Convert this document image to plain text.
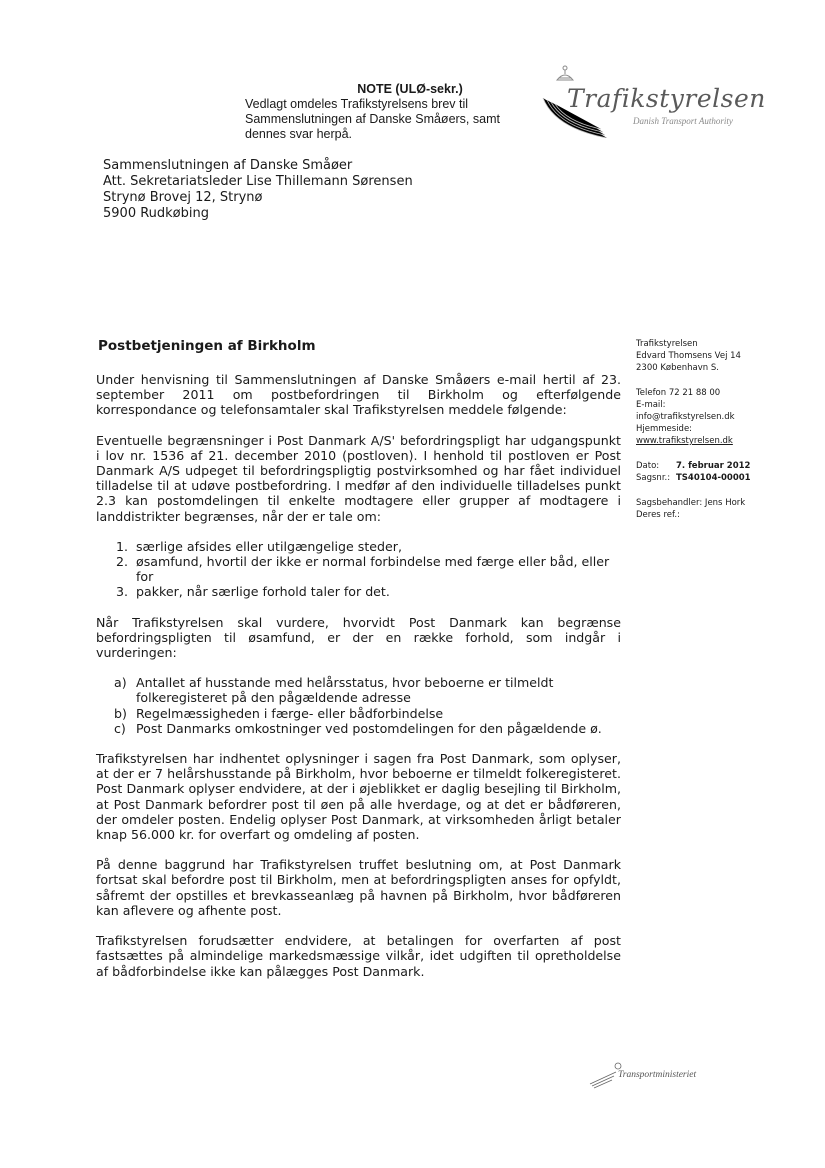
NOTE (ULØ-sekr.)
Vedlagt omdeles Trafikstyrelsens brev til
Sammenslutningen af Danske Småøers, samt
dennes svar herpå.
Trafikstyrelsen
Danish Transport Authority
Sammenslutningen af Danske Småøer
Att. Sekretariatsleder Lise Thillemann Sørensen
Strynø Brovej 12, Strynø
5900 Rudkøbing
Postbetjeningen af Birkholm

Under henvisning til Sammenslutningen af Danske Småøers e-mail hertil af 23. september 2011 om postbefordringen til Birkholm og efterfølgende korrespondance og telefonsamtaler skal Trafikstyrelsen meddele følgende:

Eventuelle begrænsninger i Post Danmark A/S' befordringspligt har udgangspunkt i lov nr. 1536 af 21. december 2010 (postloven). I henhold til postloven er Post Danmark A/S udpeget til befordringspligtig postvirksomhed og har fået individuel tilladelse til at udøve postbefordring. I medfør af den individuelle tilladelses punkt 2.3 kan postomdelingen til enkelte modtagere eller grupper af modtagere i landdistrikter begrænses, når der er tale om:

1. særlige afsides eller utilgængelige steder,
2. øsamfund, hvortil der ikke er normal forbindelse med færge eller båd, eller for
3. pakker, når særlige forhold taler for det.

Når Trafikstyrelsen skal vurdere, hvorvidt Post Danmark kan begrænse befordringspligten til øsamfund, er der en række forhold, som indgår i vurderingen:

a) Antallet af husstande med helårsstatus, hvor beboerne er tilmeldt folkeregisteret på den pågældende adresse
b) Regelmæssigheden i færge- eller bådforbindelse
c) Post Danmarks omkostninger ved postomdelingen for den pågældende ø.

Trafikstyrelsen har indhentet oplysninger i sagen fra Post Danmark, som oplyser, at der er 7 helårshusstande på Birkholm, hvor beboerne er tilmeldt folkeregisteret. Post Danmark oplyser endvidere, at der i øjeblikket er daglig besejling til Birkholm, at Post Danmark befordrer post til øen på alle hverdage, og at det er bådføreren, der omdeler posten. Endelig oplyser Post Danmark, at virksomheden årligt betaler knap 56.000 kr. for overfart og omdeling af posten.

På denne baggrund har Trafikstyrelsen truffet beslutning om, at Post Danmark fortsat skal befordre post til Birkholm, men at befordringspligten anses for opfyldt, såfremt der opstilles et brevkasseanlæg på havnen på Birkholm, hvor bådføreren kan aflevere og afhente post.

Trafikstyrelsen forudsætter endvidere, at betalingen for overfarten af post fastsættes på almindelige markedsmæssige vilkår, idet udgiften til opretholdelse af bådforbindelse ikke kan pålægges Post Danmark.

Trafikstyrelsen
Edvard Thomsens Vej 14
2300 København S.
Telefon 72 21 88 00
E-mail:
info@trafikstyrelsen.dk
Hjemmeside:
www.trafikstyrelsen.dk
Dato:	7. februar 2012
Sagsnr.: TS40104-00001
Sagsbehandler: Jens Hork
Deres ref.:
Transportministeriet
